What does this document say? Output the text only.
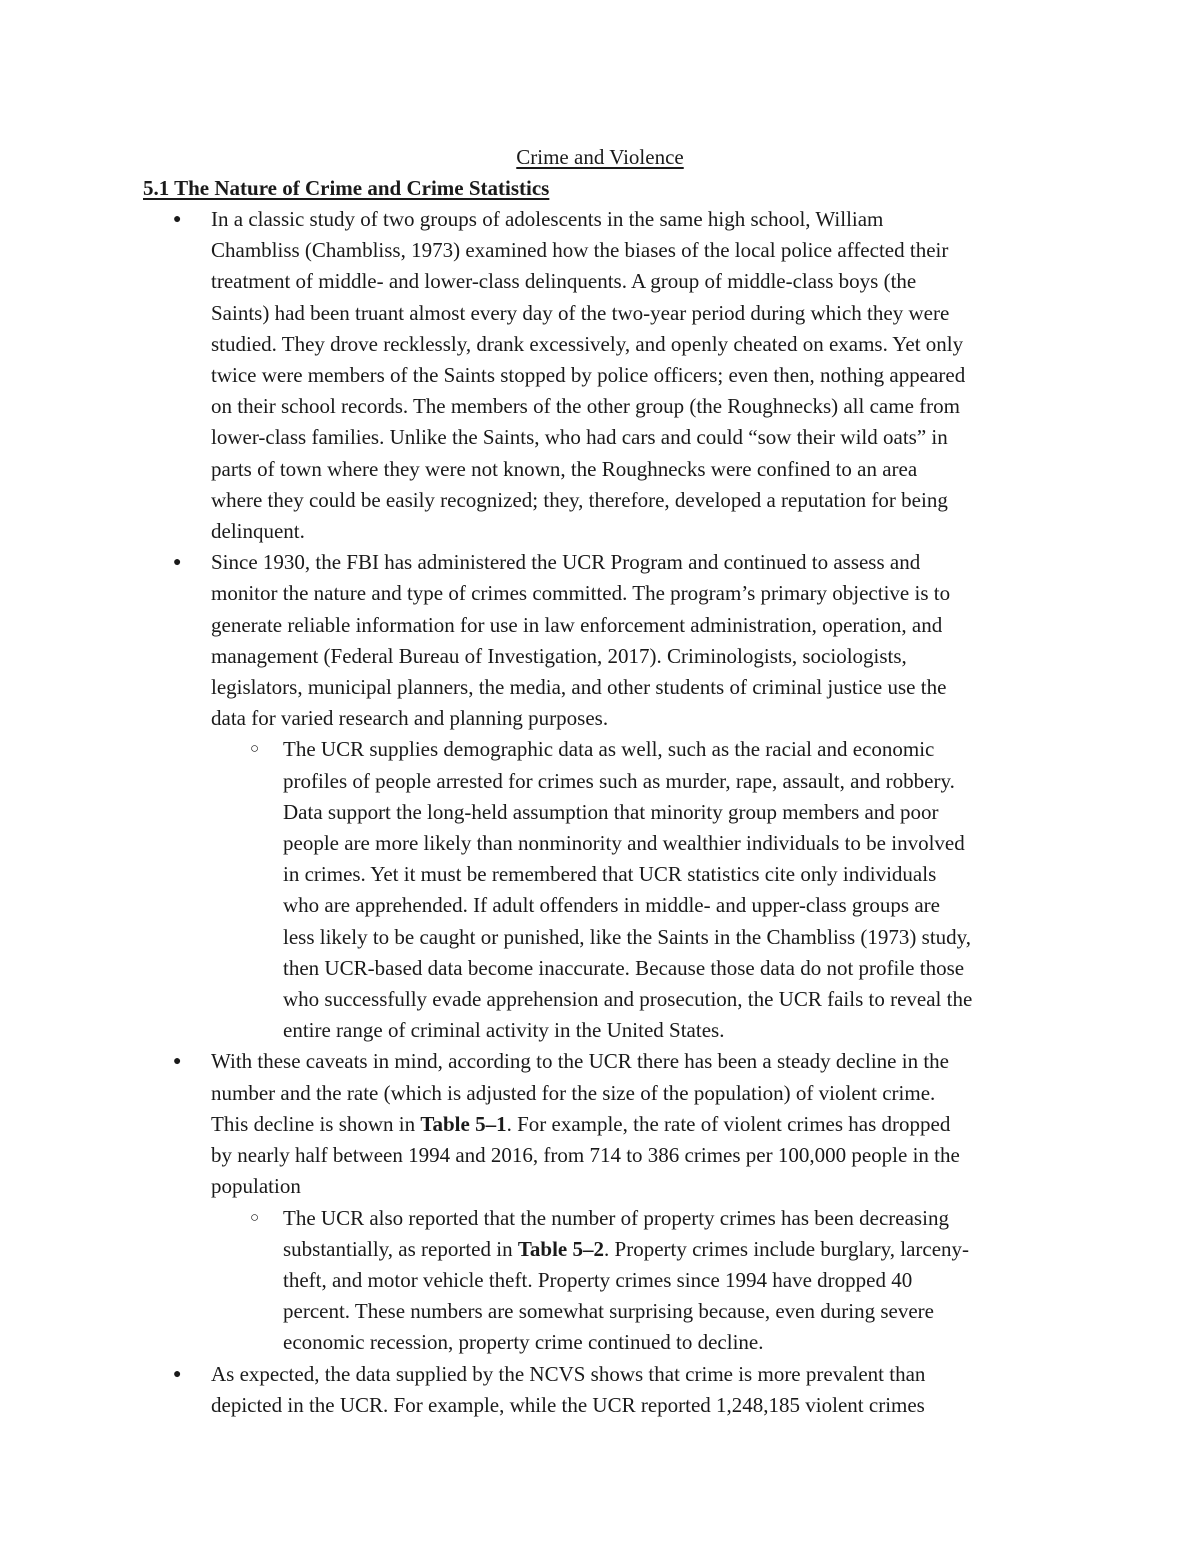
Crime and Violence
5.1 The Nature of Crime and Crime Statistics
● In a classic study of two groups of adolescents in the same high school, William
Chambliss (Chambliss, 1973) examined how the biases of the local police affected their
treatment of middle- and lower-class delinquents. A group of middle-class boys (the
Saints) had been truant almost every day of the two-year period during which they were
studied. They drove recklessly, drank excessively, and openly cheated on exams. Yet only
twice were members of the Saints stopped by police officers; even then, nothing appeared
on their school records. The members of the other group (the Roughnecks) all came from
lower-class families. Unlike the Saints, who had cars and could “sow their wild oats” in
parts of town where they were not known, the Roughnecks were confined to an area
where they could be easily recognized; they, therefore, developed a reputation for being
delinquent.
● Since 1930, the FBI has administered the UCR Program and continued to assess and
monitor the nature and type of crimes committed. The program’s primary objective is to
generate reliable information for use in law enforcement administration, operation, and
management (Federal Bureau of Investigation, 2017). Criminologists, sociologists,
legislators, municipal planners, the media, and other students of criminal justice use the
data for varied research and planning purposes.
○ The UCR supplies demographic data as well, such as the racial and economic
profiles of people arrested for crimes such as murder, rape, assault, and robbery.
Data support the long-held assumption that minority group members and poor
people are more likely than nonminority and wealthier individuals to be involved
in crimes. Yet it must be remembered that UCR statistics cite only individuals
who are apprehended. If adult offenders in middle- and upper-class groups are
less likely to be caught or punished, like the Saints in the Chambliss (1973) study,
then UCR-based data become inaccurate. Because those data do not profile those
who successfully evade apprehension and prosecution, the UCR fails to reveal the
entire range of criminal activity in the United States.
● With these caveats in mind, according to the UCR there has been a steady decline in the
number and the rate (which is adjusted for the size of the population) of violent crime.
This decline is shown in Table 5–1. For example, the rate of violent crimes has dropped
by nearly half between 1994 and 2016, from 714 to 386 crimes per 100,000 people in the
population
○ The UCR also reported that the number of property crimes has been decreasing
substantially, as reported in Table 5–2. Property crimes include burglary, larceny-
theft, and motor vehicle theft. Property crimes since 1994 have dropped 40
percent. These numbers are somewhat surprising because, even during severe
economic recession, property crime continued to decline.
● As expected, the data supplied by the NCVS shows that crime is more prevalent than
depicted in the UCR. For example, while the UCR reported 1,248,185 violent crimes
